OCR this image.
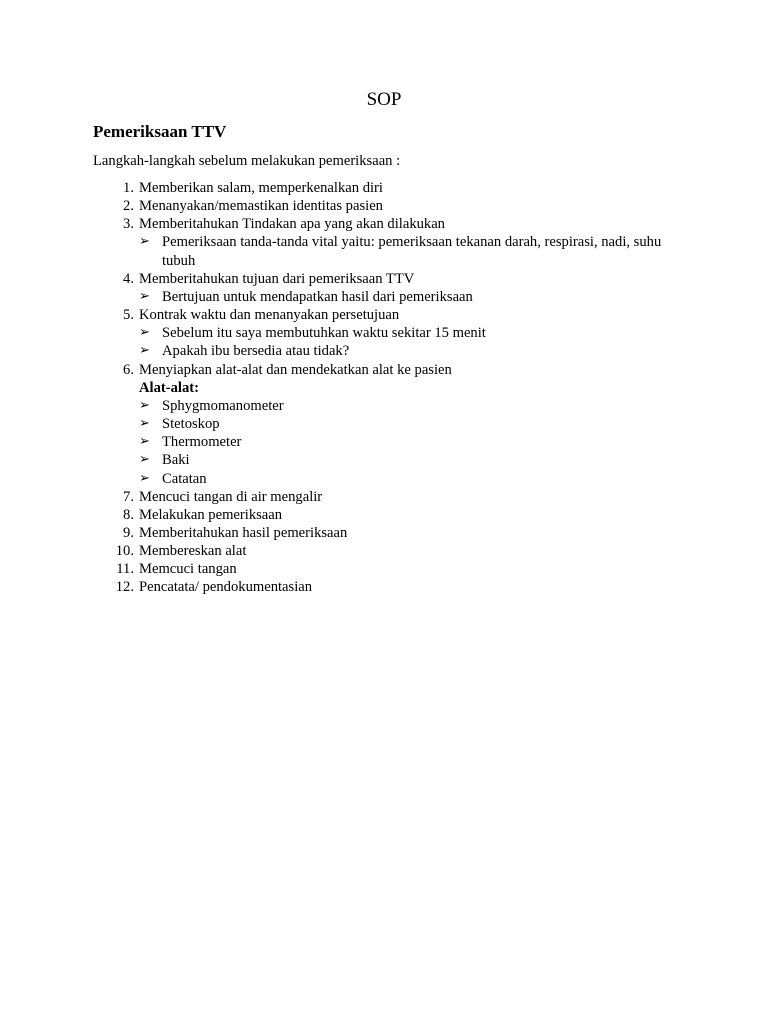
SOP
Pemeriksaan TTV
Langkah-langkah sebelum melakukan pemeriksaan :
1. Memberikan salam, memperkenalkan diri
2. Menanyakan/memastikan identitas pasien
3. Memberitahukan Tindakan apa yang akan dilakukan
➢ Pemeriksaan tanda-tanda vital yaitu: pemeriksaan tekanan darah, respirasi, nadi, suhu tubuh
4. Memberitahukan tujuan dari pemeriksaan TTV
➢ Bertujuan untuk mendapatkan hasil dari pemeriksaan
5. Kontrak waktu dan menanyakan persetujuan
➢ Sebelum itu saya membutuhkan waktu sekitar 15 menit
➢ Apakah ibu bersedia atau tidak?
6. Menyiapkan alat-alat dan mendekatkan alat ke pasien
Alat-alat:
➢ Sphygmomanometer
➢ Stetoskop
➢ Thermometer
➢ Baki
➢ Catatan
7. Mencuci tangan di air mengalir
8. Melakukan pemeriksaan
9. Memberitahukan hasil pemeriksaan
10. Membereskan alat
11. Memcuci tangan
12. Pencatata/ pendokumentasian
